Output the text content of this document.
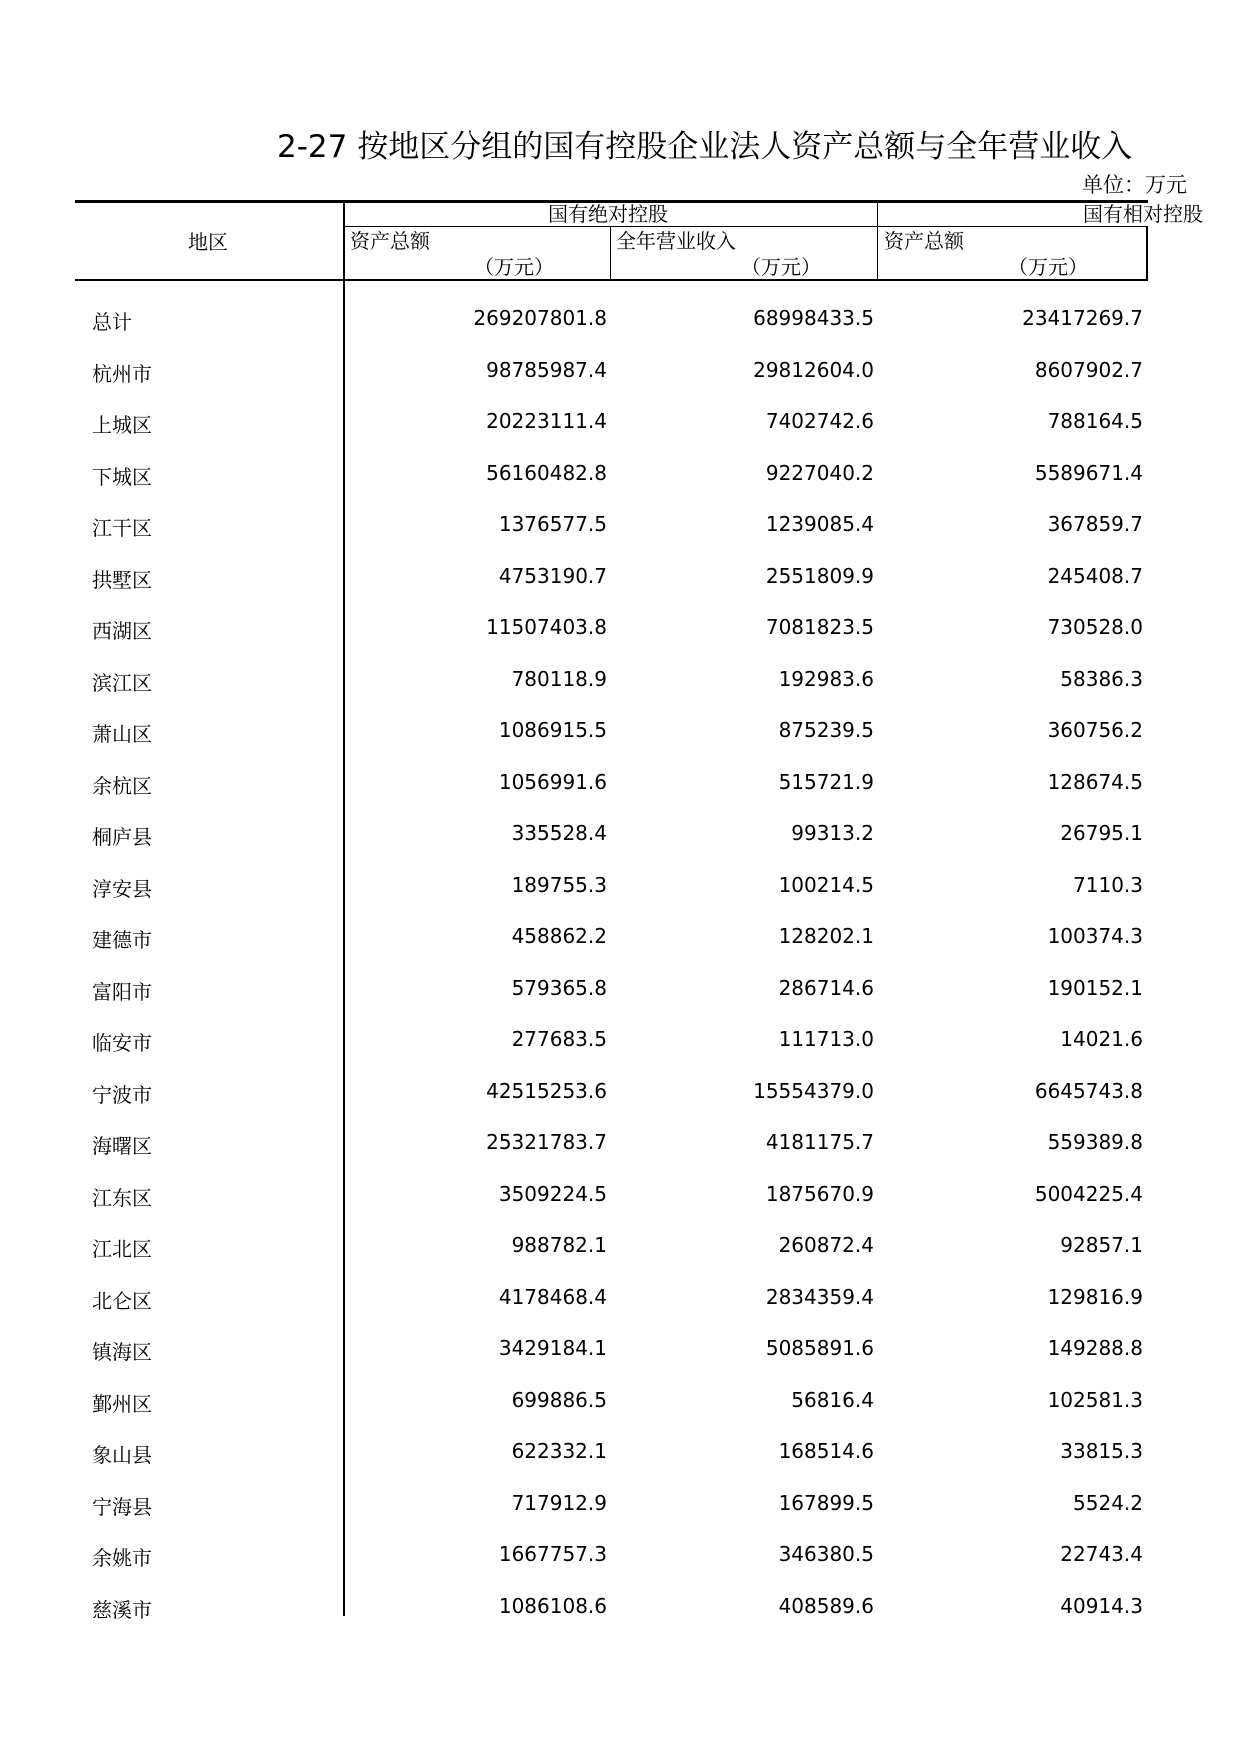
2-27 按地区分组的国有控股企业法人资产总额与全年营业收入
单位：万元
地区
国有绝对控股	国有相对控股
资产总额
（万元）
全年营业收入
（万元）
资产总额
（万元）
总计	269207801.8	68998433.5	23417269.7
杭州市	98785987.4	29812604.0	8607902.7
上城区	20223111.4	7402742.6	788164.5
下城区	56160482.8	9227040.2	5589671.4
江干区	1376577.5	1239085.4	367859.7
拱墅区	4753190.7	2551809.9	245408.7
西湖区	11507403.8	7081823.5	730528.0
滨江区	780118.9	192983.6	58386.3
萧山区	1086915.5	875239.5	360756.2
余杭区	1056991.6	515721.9	128674.5
桐庐县	335528.4	99313.2	26795.1
淳安县	189755.3	100214.5	7110.3
建德市	458862.2	128202.1	100374.3
富阳市	579365.8	286714.6	190152.1
临安市	277683.5	111713.0	14021.6
宁波市	42515253.6	15554379.0	6645743.8
海曙区	25321783.7	4181175.7	559389.8
江东区	3509224.5	1875670.9	5004225.4
江北区	988782.1	260872.4	92857.1
北仑区	4178468.4	2834359.4	129816.9
镇海区	3429184.1	5085891.6	149288.8
鄞州区	699886.5	56816.4	102581.3
象山县	622332.1	168514.6	33815.3
宁海县	717912.9	167899.5	5524.2
余姚市	1667757.3	346380.5	22743.4
慈溪市	1086108.6	408589.6	40914.3
